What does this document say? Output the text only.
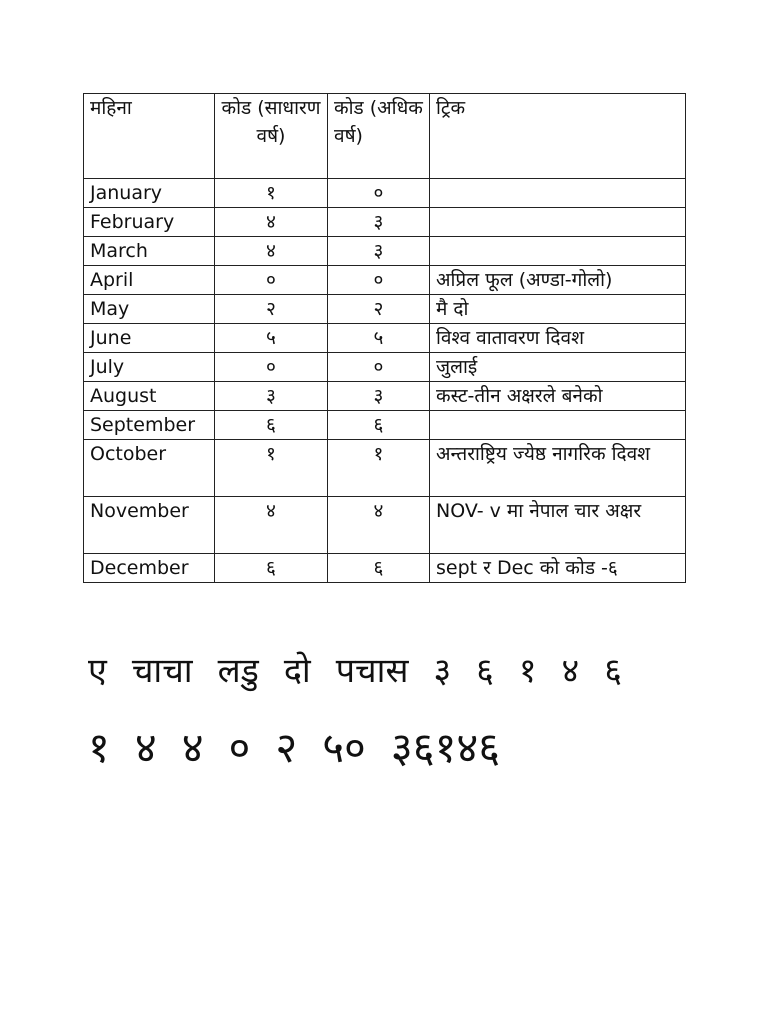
महिना	कोड (साधारण वर्ष)	कोड (अधिक वर्ष)	ट्रिक
January	१	०	
February	४	३	
March	४	३	
April	०	०	अप्रिल फूल (अण्डा-गोलो)
May	२	२	मै दो
June	५	५	विश्व वातावरण दिवश
July	०	०	जुलाई
August	३	३	कस्ट-तीन अक्षरले बनेको
September	६	६	
October	१	१	अन्तराष्ट्रिय ज्येष्ठ नागरिक दिवश
November	४	४	NOV- v मा नेपाल चार अक्षर
December	६	६	sept र Dec को कोड -६
ए चाचा लडु दो पचास ३ ६ १ ४ ६
१ ४ ४ ० २ ५० ३६१४६
